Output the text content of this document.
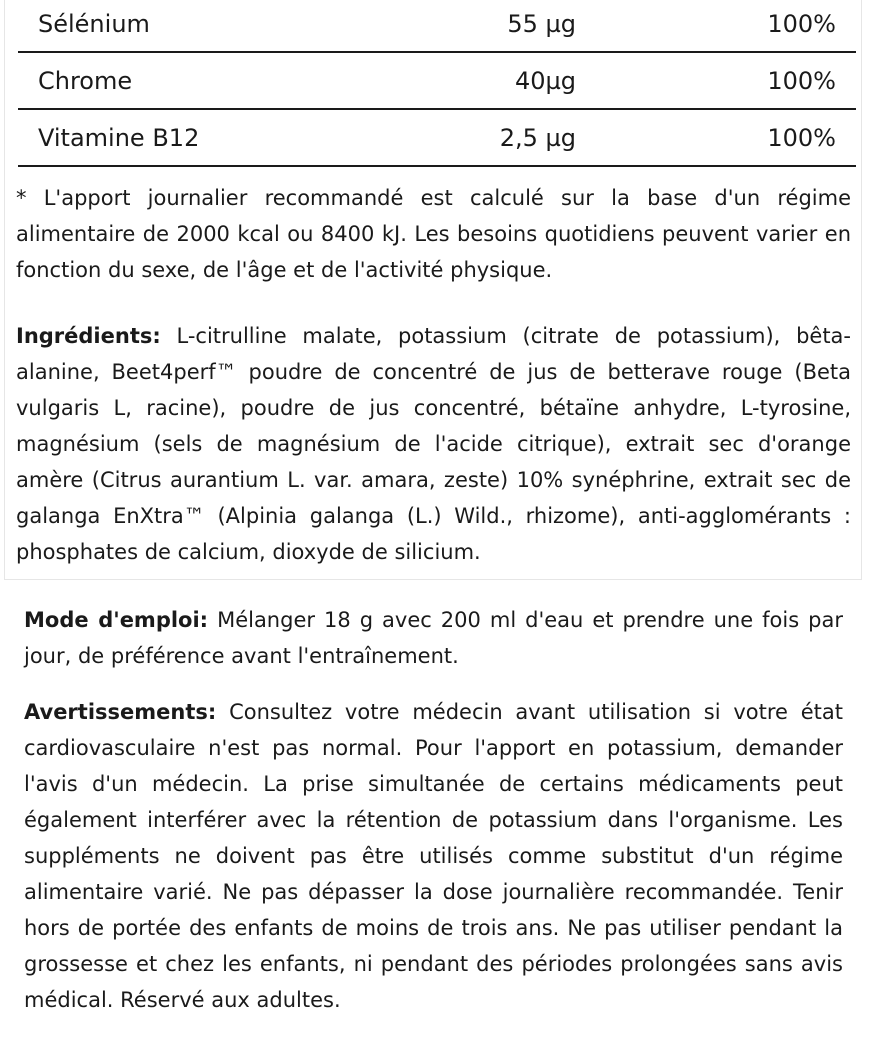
Sélénium	55 µg	100%
Chrome	40µg	100%
Vitamine B12	2,5 µg	100%

* L'apport journalier recommandé est calculé sur la base d'un régime alimentaire de 2000 kcal ou 8400 kJ. Les besoins quotidiens peuvent varier en fonction du sexe, de l'âge et de l'activité physique.

Ingrédients: L-citrulline malate, potassium (citrate de potassium), bêta-alanine, Beet4perf™ poudre de concentré de jus de betterave rouge (Beta vulgaris L, racine), poudre de jus concentré, bétaïne anhydre, L-tyrosine, magnésium (sels de magnésium de l'acide citrique), extrait sec d'orange amère (Citrus aurantium L. var. amara, zeste) 10% synéphrine, extrait sec de galanga EnXtra™ (Alpinia galanga (L.) Wild., rhizome), anti-agglomérants : phosphates de calcium, dioxyde de silicium.

Mode d'emploi: Mélanger 18 g avec 200 ml d'eau et prendre une fois par jour, de préférence avant l'entraînement.

Avertissements: Consultez votre médecin avant utilisation si votre état cardiovasculaire n'est pas normal. Pour l'apport en potassium, demander l'avis d'un médecin. La prise simultanée de certains médicaments peut également interférer avec la rétention de potassium dans l'organisme. Les suppléments ne doivent pas être utilisés comme substitut d'un régime alimentaire varié. Ne pas dépasser la dose journalière recommandée. Tenir hors de portée des enfants de moins de trois ans. Ne pas utiliser pendant la grossesse et chez les enfants, ni pendant des périodes prolongées sans avis médical. Réservé aux adultes.
